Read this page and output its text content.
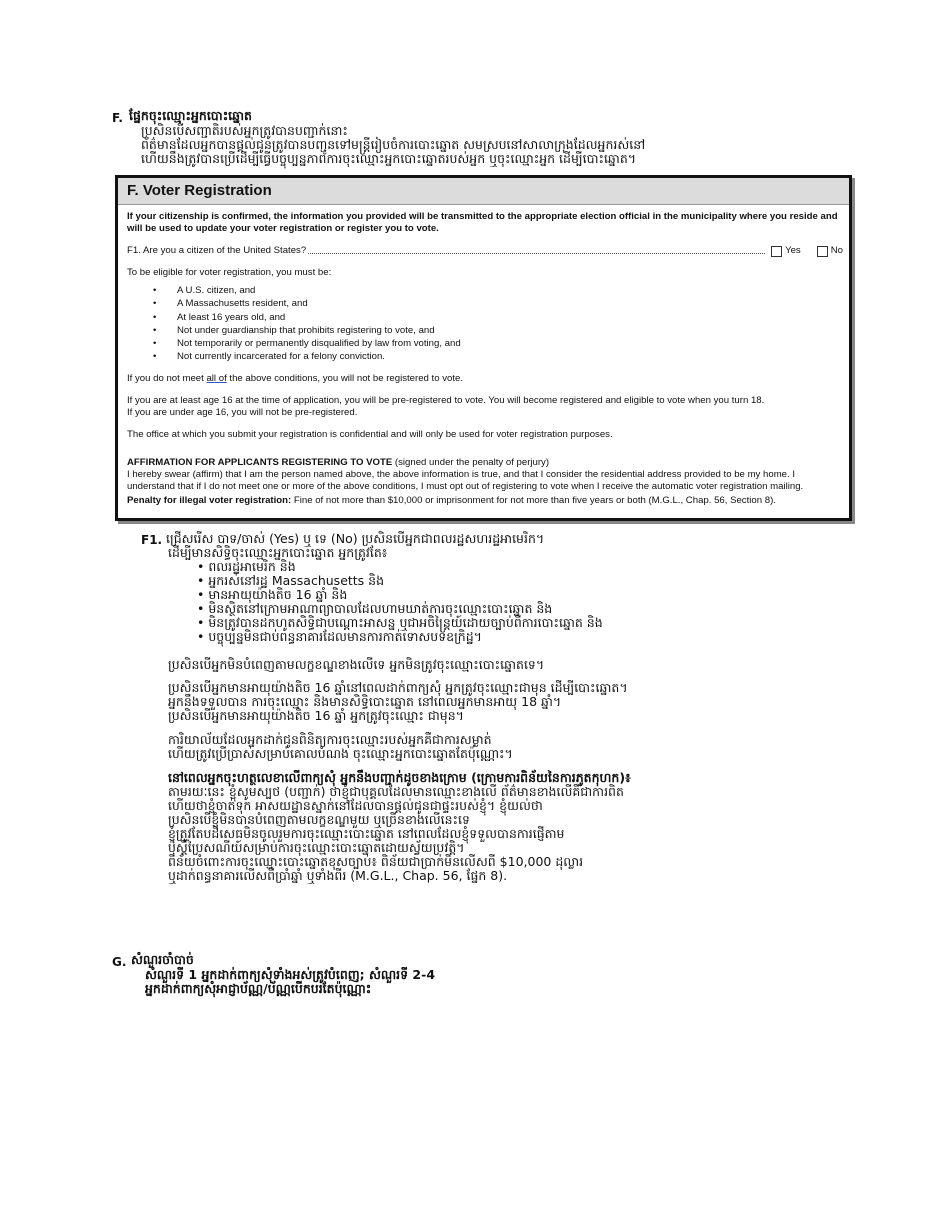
F. ផ្នែកចុះឈ្មោះអ្នកបោះឆ្នោត
ប្រសិនបើសញ្ជាតិរបស់អ្នកត្រូវបានបញ្ជាក់នោះ
ព័ត៌មានដែលអ្នកបានផ្តល់ជូនត្រូវបានបញ្ជូនទៅមន្ត្រីរៀបចំការបោះឆ្នោត សមស្របនៅសាលាក្រុងដែលអ្នករស់នៅ
ហើយនឹងត្រូវបានប្រើដើម្បីធ្វើបច្ចុប្បន្នភាពការចុះឈ្មោះអ្នកបោះឆ្នោតរបស់អ្នក ឬចុះឈ្មោះអ្នក ដើម្បីបោះឆ្នោត។
F. Voter Registration
If your citizenship is confirmed, the information you provided will be transmitted to the appropriate election official in the municipality where you reside and will be used to update your voter registration or register you to vote.
F1. Are you a citizen of the United States?	Yes	No
To be eligible for voter registration, you must be:
• A U.S. citizen, and
• A Massachusetts resident, and
• At least 16 years old, and
• Not under guardianship that prohibits registering to vote, and
• Not temporarily or permanently disqualified by law from voting, and
• Not currently incarcerated for a felony conviction.
If you do not meet all of the above conditions, you will not be registered to vote.
If you are at least age 16 at the time of application, you will be pre-registered to vote. You will become registered and eligible to vote when you turn 18.
If you are under age 16, you will not be pre-registered.
The office at which you submit your registration is confidential and will only be used for voter registration purposes.
AFFIRMATION FOR APPLICANTS REGISTERING TO VOTE (signed under the penalty of perjury)
I hereby swear (affirm) that I am the person named above, the above information is true, and that I consider the residential address provided to be my home. I understand that if I do not meet one or more of the above conditions, I must opt out of registering to vote when I receive the automatic voter registration mailing.
Penalty for illegal voter registration: Fine of not more than $10,000 or imprisonment for not more than five years or both (M.G.L., Chap. 56, Section 8).
F1. ជ្រើសរើស បាទ/ចាស់ (Yes) ឬ ទេ (No) ប្រសិនបើអ្នកជាពលរដ្ឋសហរដ្ឋអាមេរិក។
ដើម្បីមានសិទ្ធិចុះឈ្មោះអ្នកបោះឆ្នោត អ្នកត្រូវតែ៖
• ពលរដ្ឋអាមេរិក និង
• អ្នករស់នៅរដ្ឋ Massachusetts និង
• មានអាយុយ៉ាងតិច 16 ឆ្នាំ និង
• មិនស្ថិតនៅក្រោមអាណាព្យាបាលដែលហាមឃាត់ការចុះឈ្មោះបោះឆ្នោត និង
• មិនត្រូវបានដកហូតសិទ្ធិជាបណ្តោះអាសន្ន ឬជាអចិន្ត្រៃយ៍ដោយច្បាប់ពីការបោះឆ្នោត និង
• បច្ចុប្បន្នមិនជាប់ពន្ធនាគារដែលមានការកាត់ទោសបទឧក្រិដ្ឋ។
ប្រសិនបើអ្នកមិនបំពេញតាមលក្ខខណ្ឌខាងលើទេ អ្នកមិនត្រូវចុះឈ្មោះបោះឆ្នោតទេ។
ប្រសិនបើអ្នកមានអាយុយ៉ាងតិច 16 ឆ្នាំនៅពេលដាក់ពាក្យសុំ អ្នកត្រូវចុះឈ្មោះជាមុន ដើម្បីបោះឆ្នោត។
អ្នកនឹងទទួលបាន ការចុះឈ្មោះ និងមានសិទ្ធិបោះឆ្នោត នៅពេលអ្នកមានអាយុ 18 ឆ្នាំ។
ប្រសិនបើអ្នកមានអាយុយ៉ាងតិច 16 ឆ្នាំ អ្នកត្រូវចុះឈ្មោះ ជាមុន។
ការិយាល័យដែលអ្នកដាក់ជូនពិនិត្យការចុះឈ្មោះរបស់អ្នកគឺជាការសម្ងាត់
ហើយត្រូវប្រើប្រាស់សម្រាប់គោលបំណង ចុះឈ្មោះអ្នកបោះឆ្នោតតែប៉ុណ្ណោះ។
នៅពេលអ្នកចុះហត្ថលេខាលើពាក្យសុំ អ្នកនឹងបញ្ជាក់ដូចខាងក្រោម (ក្រោមការពិន័យនៃការភូតកុហក)៖
តាមរយៈនេះ ខ្ញុំសូមស្បថ (បញ្ជាក់) ថាខ្ញុំជាបុគ្គលដែលមានឈ្មោះខាងលើ ព័ត៌មានខាងលើគឺជាការពិត
ហើយថាខ្ញុំចាត់ទុក អាសយដ្ឋានស្នាក់នៅដែលបានផ្តល់ជូនជាផ្ទះរបស់ខ្ញុំ។ ខ្ញុំយល់ថា
ប្រសិនបើខ្ញុំមិនបានបំពេញតាមលក្ខខណ្ឌមួយ ឬច្រើនខាងលើនេះទេ
ខ្ញុំត្រូវតែបដិសេធមិនចូលរួមការចុះឈ្មោះបោះឆ្នោត នៅពេលដែលខ្ញុំទទួលបានការផ្ញើតាម
ប៉ុស្តិ៍ប្រៃសណីយ៍សម្រាប់ការចុះឈ្មោះបោះឆ្នោតដោយស្វ័យប្រវត្តិ។
ពិន័យចំពោះការចុះឈ្មោះបោះឆ្នោតខុសច្បាប់៖ ពិន័យជាប្រាក់មិនលើសពី $10,000 ដុល្លារ
ឬដាក់ពន្ធនាគារលើសពីប្រាំឆ្នាំ ឬទាំងពីរ (M.G.L., Chap. 56, ផ្នែក 8).
G. សំណួរចាំបាច់
សំណួរទី 1 អ្នកដាក់ពាក្យសុំទាំងអស់ត្រូវបំពេញ; សំណួរទី 2-4
អ្នកដាក់ពាក្យសុំអាជ្ញាប័ណ្ណ/ប័ណ្ណបើកបរតែប៉ុណ្ណោះ
